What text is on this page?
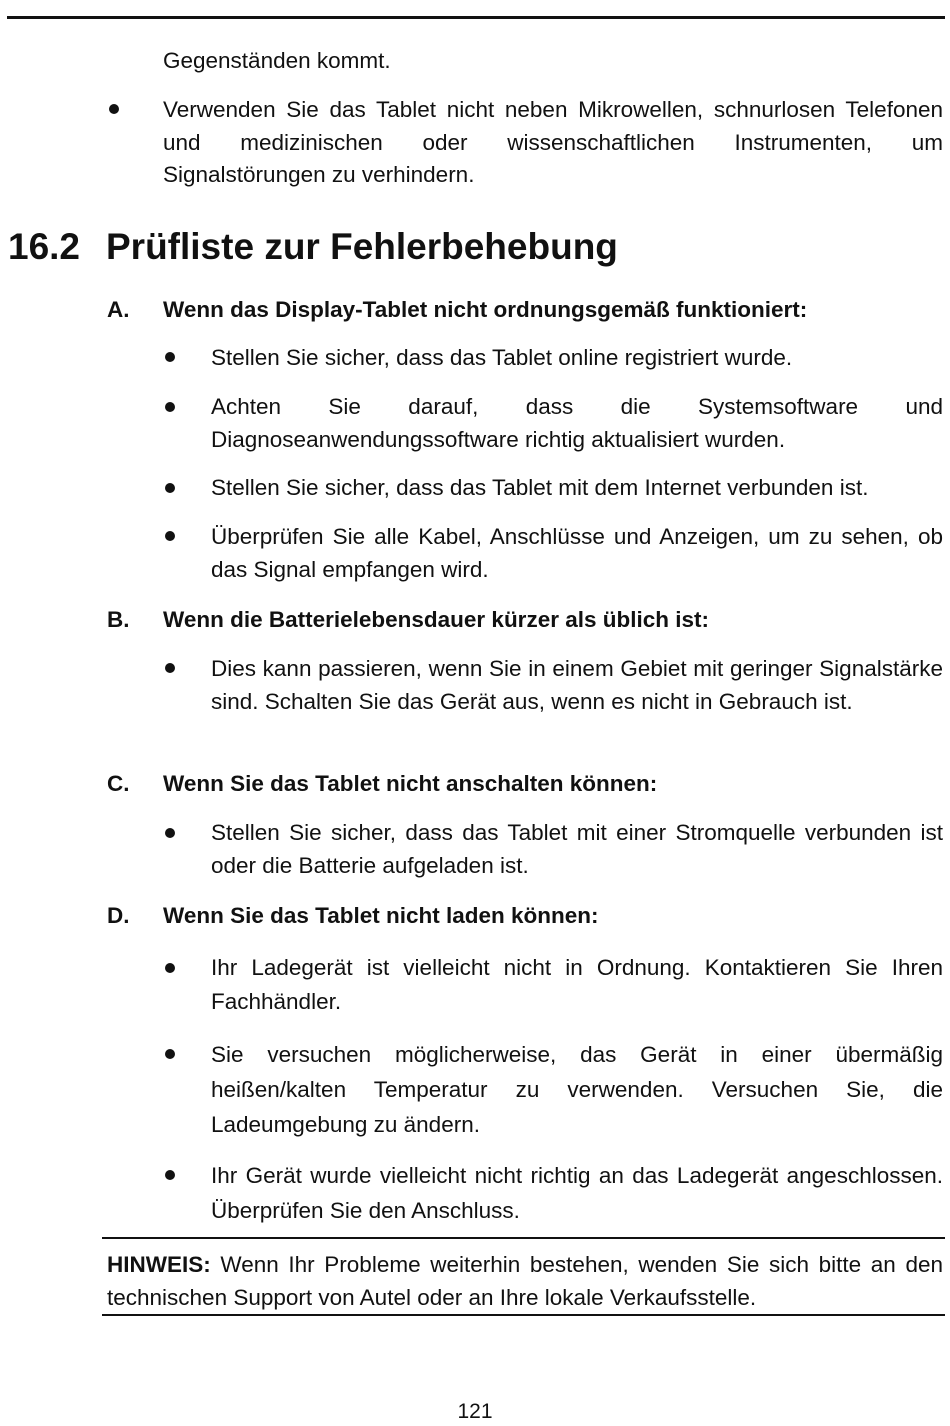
Gegenständen kommt.
Verwenden Sie das Tablet nicht neben Mikrowellen, schnurlosen Telefonen und medizinischen oder wissenschaftlichen Instrumenten, um Signalstörungen zu verhindern.
16.2 Prüfliste zur Fehlerbehebung
A. Wenn das Display-Tablet nicht ordnungsgemäß funktioniert:
Stellen Sie sicher, dass das Tablet online registriert wurde.
Achten Sie darauf, dass die Systemsoftware und Diagnoseanwendungssoftware richtig aktualisiert wurden.
Stellen Sie sicher, dass das Tablet mit dem Internet verbunden ist.
Überprüfen Sie alle Kabel, Anschlüsse und Anzeigen, um zu sehen, ob das Signal empfangen wird.
B. Wenn die Batterielebensdauer kürzer als üblich ist:
Dies kann passieren, wenn Sie in einem Gebiet mit geringer Signalstärke sind. Schalten Sie das Gerät aus, wenn es nicht in Gebrauch ist.
C. Wenn Sie das Tablet nicht anschalten können:
Stellen Sie sicher, dass das Tablet mit einer Stromquelle verbunden ist oder die Batterie aufgeladen ist.
D. Wenn Sie das Tablet nicht laden können:
Ihr Ladegerät ist vielleicht nicht in Ordnung. Kontaktieren Sie Ihren Fachhändler.
Sie versuchen möglicherweise, das Gerät in einer übermäßig heißen/kalten Temperatur zu verwenden. Versuchen Sie, die Ladeumgebung zu ändern.
Ihr Gerät wurde vielleicht nicht richtig an das Ladegerät angeschlossen. Überprüfen Sie den Anschluss.
HINWEIS: Wenn Ihr Probleme weiterhin bestehen, wenden Sie sich bitte an den technischen Support von Autel oder an Ihre lokale Verkaufsstelle.
121
